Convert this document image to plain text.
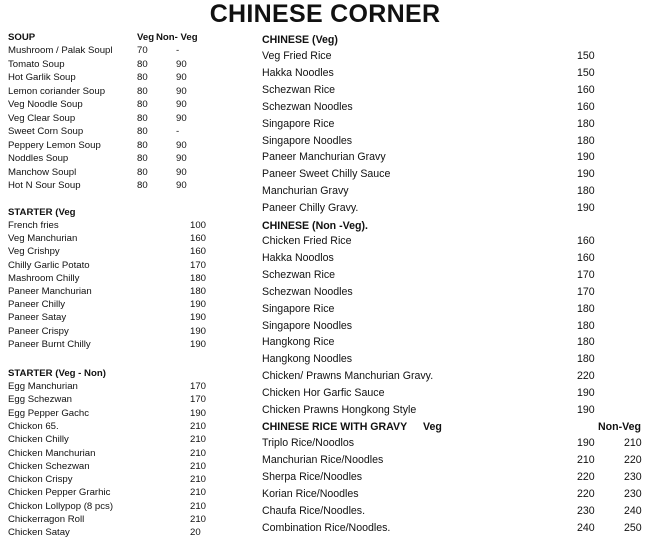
CHINESE CORNER
SOUP	Veg Non- Veg
Mushroom / Palak Soupl	70	-
Tomato Soup	80	90
Hot Garlik Soup	80	90
Lemon coriander Soup	80	90
Veg Noodle Soup	80	90
Veg Clear Soup	80	90
Sweet Corn Soup	80	-
Peppery Lemon Soup	80	90
Noddles Soup	80	90
Manchow Soupl	80	90
Hot N Sour Soup	80	90
STARTER (Veg
French fries	100
Veg Manchurian	160
Veg Crishpy	160
Chilly Garlic Potato	170
Mashroom Chilly	180
Paneer Manchurian	180
Paneer Chilly	190
Paneer Satay	190
Paneer Crispy	190
Paneer Burnt Chilly	190
STARTER (Veg - Non)
Egg Manchurian	170
Egg Schezwan	170
Egg Pepper Gachc	190
Chickon 65.	210
Chicken Chilly	210
Chicken Manchurian	210
Chicken Schezwan	210
Chickon Crispy	210
Chicken Pepper Grarhic	210
Chickon Lollypop (8 pcs)	210
Chickerragon Roll	210
Chicken Satay	20
CHINESE (Veg)
Veg Fried Rice	150
Hakka Noodles	150
Schezwan Rice	160
Schezwan Noodles	160
Singapore Rice	180
Singapore Noodles	180
Paneer Manchurian Gravy	190
Paneer Sweet Chilly Sauce	190
Manchurian Gravy	180
Paneer Chilly Gravy.	190
CHINESE (Non -Veg).
Chicken Fried Rice	160
Hakka Noodlos	160
Schezwan Rice	170
Schezwan Noodles	170
Singapore Rice	180
Singapore Noodles	180
Hangkong Rice	180
Hangkong Noodles	180
Chicken/ Prawns Manchurian Gravy.	220
Chicken Hor Garfic Sauce	190
Chicken Prawns Hongkong Style	190
CHINESE RICE WITH GRAVY Veg	Non-Veg
Triplo Rice/Noodlos	190	210
Manchurian Rice/Noodles	210	220
Sherpa Rice/Noodles	220	230
Korian Rice/Noodles	220	230
Chaufa Rice/Noodles.	230	240
Combination Rice/Noodles.	240	250
